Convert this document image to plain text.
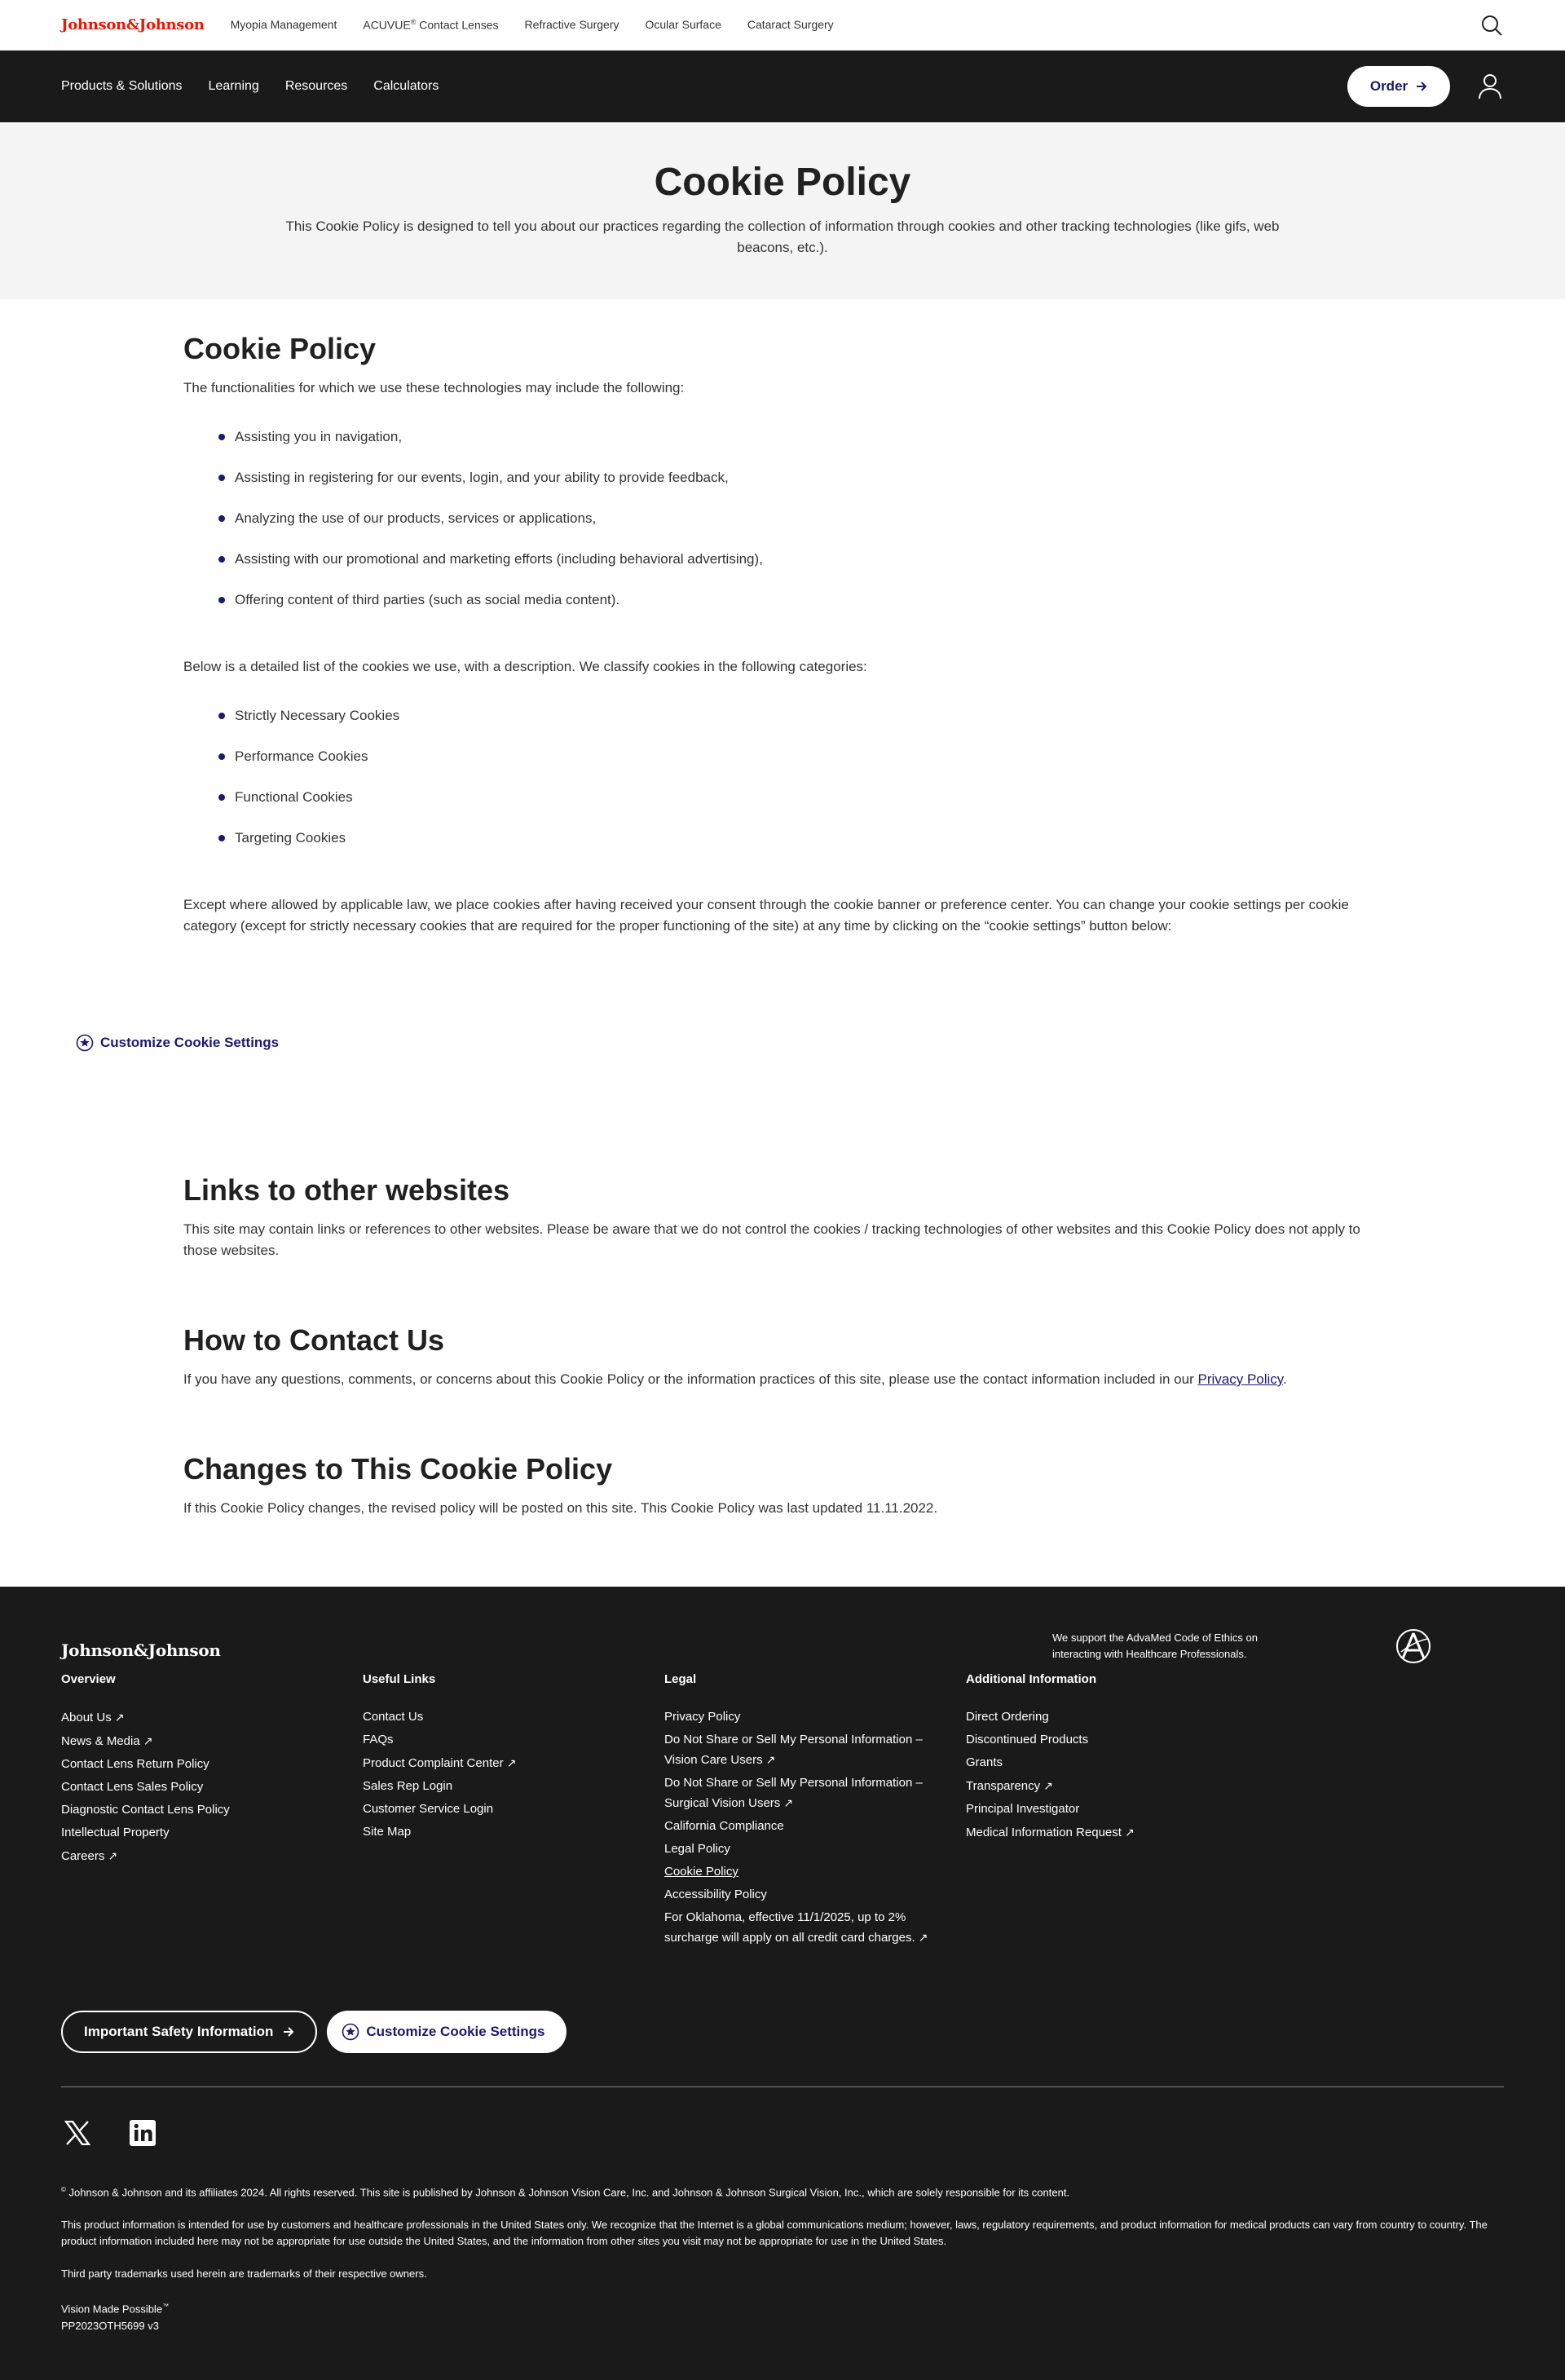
Johnson&Johnson Myopia Management ACUVUE® Contact Lenses Refractive Surgery Ocular Surface Cataract Surgery
Products & Solutions Learning Resources Calculators	Order
Cookie Policy

This Cookie Policy is designed to tell you about our practices regarding the collection of information through cookies and other tracking technologies (like gifs, web beacons, etc.).

Cookie Policy

The functionalities for which we use these technologies may include the following:

Assisting you in navigation,
Assisting in registering for our events, login, and your ability to provide feedback,
Analyzing the use of our products, services or applications,
Assisting with our promotional and marketing efforts (including behavioral advertising),
Offering content of third parties (such as social media content).

Below is a detailed list of the cookies we use, with a description. We classify cookies in the following categories:

Strictly Necessary Cookies
Performance Cookies
Functional Cookies
Targeting Cookies

Except where allowed by applicable law, we place cookies after having received your consent through the cookie banner or preference center. You can change your cookie settings per cookie category (except for strictly necessary cookies that are required for the proper functioning of the site) at any time by clicking on the “cookie settings” button below:

Links to other websites

This site may contain links or references to other websites. Please be aware that we do not control the cookies / tracking technologies of other websites and this Cookie Policy does not apply to those websites.

How to Contact Us

If you have any questions, comments, or concerns about this Cookie Policy or the information practices of this site, please use the contact information included in our Privacy Policy.

Changes to This Cookie Policy

If this Cookie Policy changes, the revised policy will be posted on this site. This Cookie Policy was last updated 11.11.2022.

Customize Cookie Settings
Johnson&Johnson
We support the AdvaMed Code of Ethics on interacting with Healthcare Professionals.
Overview
About Us ↗
News & Media ↗
Contact Lens Return Policy
Contact Lens Sales Policy
Diagnostic Contact Lens Policy
Intellectual Property
Careers ↗
Useful Links
Contact Us
FAQs
Product Complaint Center ↗
Sales Rep Login
Customer Service Login
Site Map
Legal
Privacy Policy
Do Not Share or Sell My Personal Information – Vision Care Users ↗
Do Not Share or Sell My Personal Information – Surgical Vision Users ↗
California Compliance
Legal Policy
Cookie Policy
Accessibility Policy
For Oklahoma, effective 11/1/2025, up to 2% surcharge will apply on all credit card charges. ↗
Additional Information
Direct Ordering
Discontinued Products
Grants
Transparency ↗
Principal Investigator
Medical Information Request ↗
Important Safety Information	Customize Cookie Settings

© Johnson & Johnson and its affiliates 2024. All rights reserved. This site is published by Johnson & Johnson Vision Care, Inc. and Johnson & Johnson Surgical Vision, Inc., which are solely responsible for its content.

This product information is intended for use by customers and healthcare professionals in the United States only. We recognize that the Internet is a global communications medium; however, laws, regulatory requirements, and product information for medical products can vary from country to country. The product information included here may not be appropriate for use outside the United States, and the information from other sites you visit may not be appropriate for use in the United States.

Third party trademarks used herein are trademarks of their respective owners.

Vision Made Possible™
PP2023OTH5699 v3
